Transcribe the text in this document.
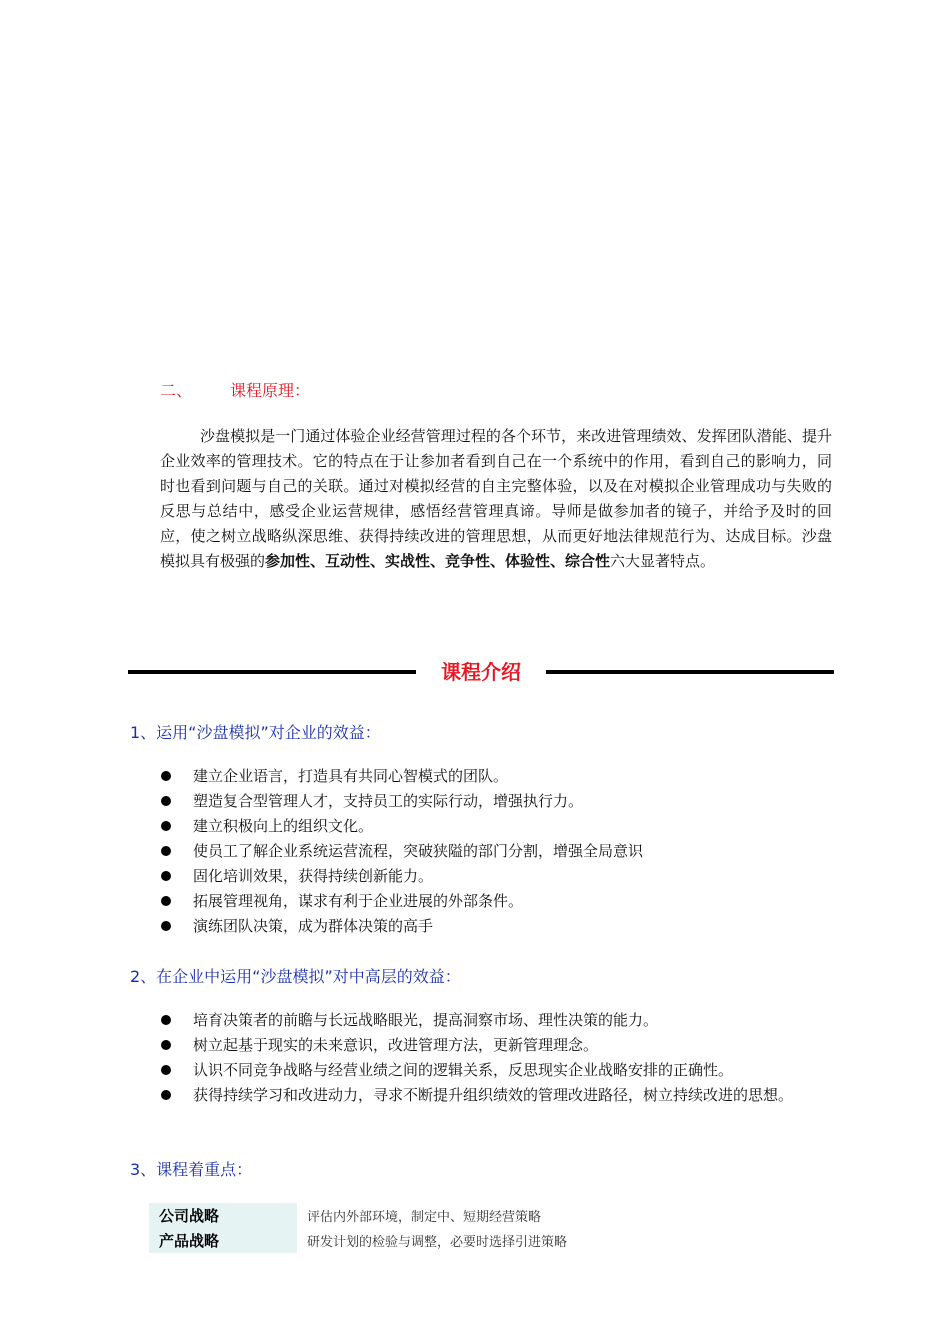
二、 课程原理：

沙盘模拟是一门通过体验企业经营管理过程的各个环节，来改进管理绩效、发挥团队潜能、提升企业效率的管理技术。它的特点在于让参加者看到自己在一个系统中的作用，看到自己的影响力，同时也看到问题与自己的关联。通过对模拟经营的自主完整体验，以及在对模拟企业管理成功与失败的反思与总结中，感受企业运营规律，感悟经营管理真谛。导师是做参加者的镜子，并给予及时的回应，使之树立战略纵深思维、获得持续改进的管理思想，从而更好地法律规范行为、达成目标。沙盘模拟具有极强的参加性、互动性、实战性、竞争性、体验性、综合性六大显著特点。

课程介绍
1、运用“沙盘模拟”对企业的效益：
建立企业语言，打造具有共同心智模式的团队。
塑造复合型管理人才，支持员工的实际行动，增强执行力。
建立积极向上的组织文化。
使员工了解企业系统运营流程，突破狭隘的部门分割，增强全局意识
固化培训效果，获得持续创新能力。
拓展管理视角，谋求有利于企业进展的外部条件。
演练团队决策，成为群体决策的高手
2、在企业中运用“沙盘模拟”对中高层的效益：
培育决策者的前瞻与长远战略眼光，提高洞察市场、理性决策的能力。
树立起基于现实的未来意识，改进管理方法，更新管理理念。
认识不同竞争战略与经营业绩之间的逻辑关系，反思现实企业战略安排的正确性。
获得持续学习和改进动力，寻求不断提升组织绩效的管理改进路径，树立持续改进的思想。
3、课程着重点：
公司战略	评估内外部环境，制定中、短期经营策略
产品战略	研发计划的检验与调整，必要时选择引进策略
